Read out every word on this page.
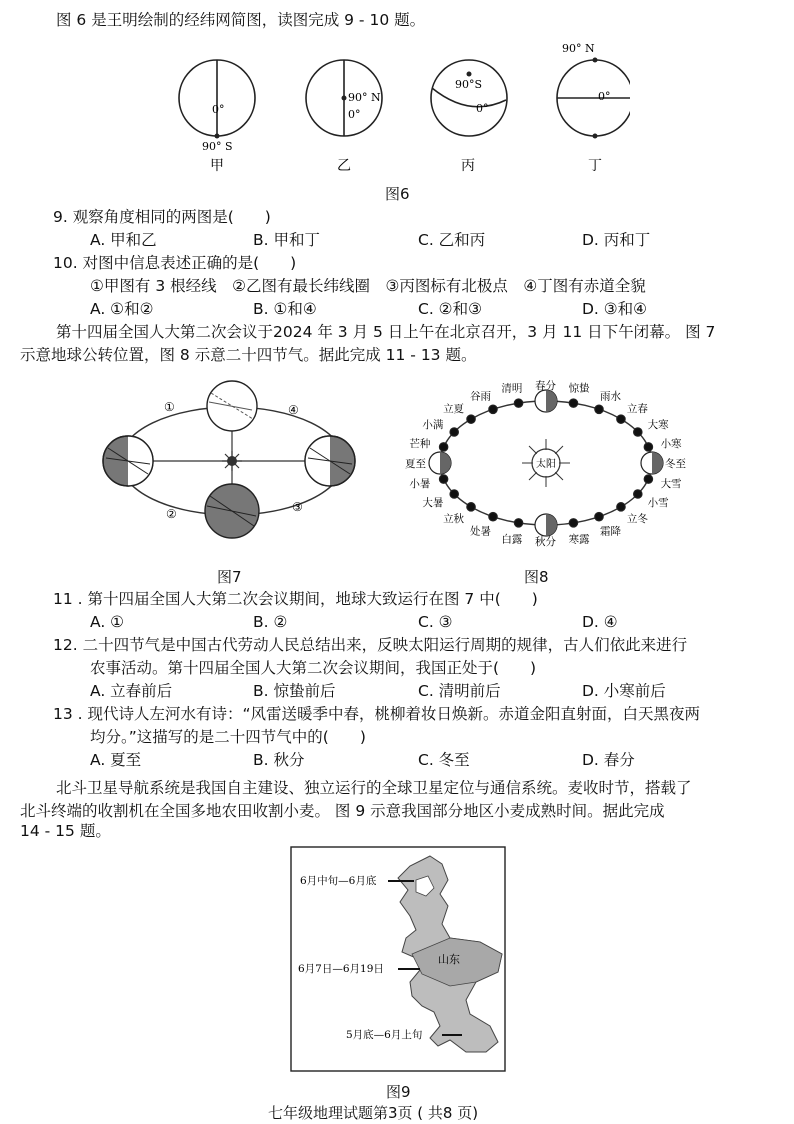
图 6 是王明绘制的经纬网简图，读图完成 9 - 10 题。
0°
90° S
90° N
0°
90°S
0°
90° N
0°
甲	乙	丙	丁
图6
9. 观察角度相同的两图是(　　)
A. 甲和乙	B. 甲和丁	C. 乙和丙	D. 丙和丁
10. 对图中信息表述正确的是(　　)
①甲图有 3 根经线　②乙图有最长纬线圈　③丙图标有北极点　④丁图有赤道全貌
A. ①和②	B. ①和④	C. ②和③	D. ③和④
第十四届全国人大第二次会议于2024 年 3 月 5 日上午在北京召开，3 月 11 日下午闭幕。 图 7
示意地球公转位置，图 8 示意二十四节气。据此完成 11 - 13 题。
①
②	③
④
图7
太阳
春分 惊蛰
雨水
立春
大寒
小寒
冬至
大雪
小雪
立冬
霜降
寒露
秋分
白露
处暑
立秋
大暑
小暑
夏至
芒种
小满
立夏
谷雨
清明
图8
11 . 第十四届全国人大第二次会议期间，地球大致运行在图 7 中(　　)
A. ①	B. ②	C. ③	D. ④
12. 二十四节气是中国古代劳动人民总结出来，反映太阳运行周期的规律，古人们依此来进行
农事活动。第十四届全国人大第二次会议期间，我国正处于(　　)
A. 立春前后	B. 惊蛰前后	C. 清明前后	D. 小寒前后
13 . 现代诗人左河水有诗：“风雷送暖季中春，桃柳着妆日焕新。赤道金阳直射面，白天黑夜两
均分。”这描写的是二十四节气中的(　　)
A. 夏至	B. 秋分	C. 冬至	D. 春分
北斗卫星导航系统是我国自主建设、独立运行的全球卫星定位与通信系统。麦收时节，搭载了
北斗终端的收割机在全国多地农田收割小麦。 图 9 示意我国部分地区小麦成熟时间。据此完成
14 - 15 题。
6月中旬—6月底
山东
6月7日—6月19日
5月底—6月上旬
图9
七年级地理试题第3页 ( 共8 页)
